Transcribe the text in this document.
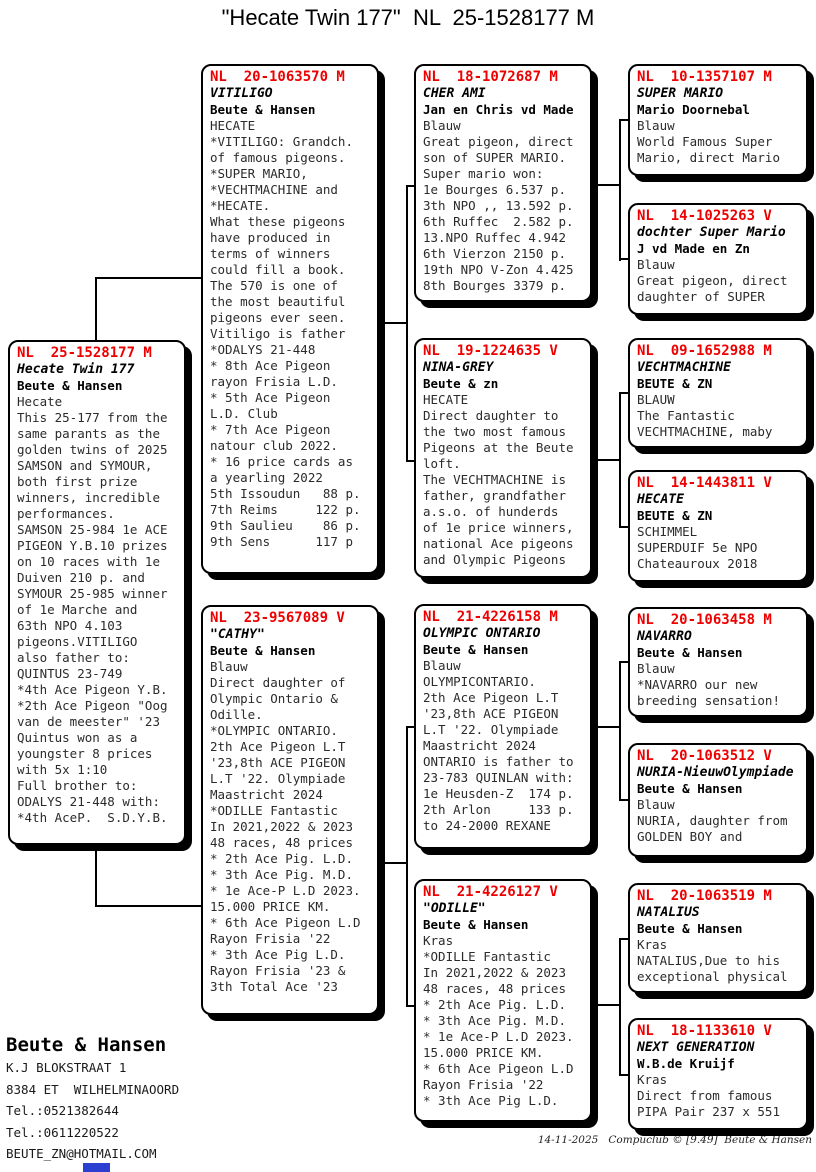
"Hecate Twin 177"  NL  25-1528177 M
Beute & Hansen
K.J BLOKSTRAAT 1
8384 ET  WILHELMINAOORD
Tel.:0521382644
Tel.:0611220522
BEUTE_ZN@HOTMAIL.COM
14-11-2025   Compuclub © [9.49]  Beute & Hansen
NL  25-1528177 M
Hecate Twin 177
Beute & Hansen
Hecate
This 25-177 from the
same parants as the
golden twins of 2025
SAMSON and SYMOUR,
both first prize
winners, incredible
performances.
SAMSON 25-984 1e ACE
PIGEON Y.B.10 prizes
on 10 races with 1e
Duiven 210 p. and
SYMOUR 25-985 winner
of 1e Marche and
63th NPO 4.103
pigeons.VITILIGO
also father to:
QUINTUS 23-749
*4th Ace Pigeon Y.B.
*2th Ace Pigeon "Oog
van de meester" '23
Quintus won as a
youngster 8 prices
with 5x 1:10
Full brother to:
ODALYS 21-448 with:
*4th AceP.  S.D.Y.B.
NL  20-1063570 M
VITILIGO
Beute & Hansen
HECATE
*VITILIGO: Grandch.
of famous pigeons.
*SUPER MARIO,
*VECHTMACHINE and
*HECATE.
What these pigeons
have produced in
terms of winners
could fill a book.
The 570 is one of
the most beautiful
pigeons ever seen.
Vitiligo is father
*ODALYS 21-448
* 8th Ace Pigeon
rayon Frisia L.D.
* 5th Ace Pigeon
L.D. Club
* 7th Ace Pigeon
natour club 2022.
* 16 price cards as
a yearling 2022
5th Issoudun   88 p.
7th Reims     122 p.
9th Saulieu    86 p.
9th Sens      117 p
NL  23-9567089 V
"CATHY"
Beute & Hansen
Blauw
Direct daughter of
Olympic Ontario &
Odille.
*OLYMPIC ONTARIO.
2th Ace Pigeon L.T
'23,8th ACE PIGEON
L.T '22. Olympiade
Maastricht 2024
*ODILLE Fantastic
In 2021,2022 & 2023
48 races, 48 prices
* 2th Ace Pig. L.D.
* 3th Ace Pig. M.D.
* 1e Ace-P L.D 2023.
15.000 PRICE KM.
* 6th Ace Pigeon L.D
Rayon Frisia '22
* 3th Ace Pig L.D.
Rayon Frisia '23 &
3th Total Ace '23
NL  18-1072687 M
CHER AMI
Jan en Chris vd Made
Blauw
Great pigeon, direct
son of SUPER MARIO.
Super mario won:
1e Bourges 6.537 p.
3th NPO ,, 13.592 p.
6th Ruffec  2.582 p.
13.NPO Ruffec 4.942
6th Vierzon 2150 p.
19th NPO V-Zon 4.425
8th Bourges 3379 p.
NL  19-1224635 V
NINA-GREY
Beute & zn
HECATE
Direct daughter to
the two most famous
Pigeons at the Beute
loft.
The VECHTMACHINE is
father, grandfather
a.s.o. of hunderds
of 1e price winners,
national Ace pigeons
and Olympic Pigeons
NL  21-4226158 M
OLYMPIC ONTARIO
Beute & Hansen
Blauw
OLYMPICONTARIO.
2th Ace Pigeon L.T
'23,8th ACE PIGEON
L.T '22. Olympiade
Maastricht 2024
ONTARIO is father to
23-783 QUINLAN with:
1e Heusden-Z  174 p.
2th Arlon     133 p.
to 24-2000 REXANE
NL  21-4226127 V
"ODILLE"
Beute & Hansen
Kras
*ODILLE Fantastic
In 2021,2022 & 2023
48 races, 48 prices
* 2th Ace Pig. L.D.
* 3th Ace Pig. M.D.
* 1e Ace-P L.D 2023.
15.000 PRICE KM.
* 6th Ace Pigeon L.D
Rayon Frisia '22
* 3th Ace Pig L.D.
NL  10-1357107 M
SUPER MARIO
Mario Doornebal
Blauw
World Famous Super
Mario, direct Mario
NL  14-1025263 V
dochter Super Mario
J vd Made en Zn
Blauw
Great pigeon, direct
daughter of SUPER
NL  09-1652988 M
VECHTMACHINE
BEUTE & ZN
BLAUW
The Fantastic
VECHTMACHINE, maby
NL  14-1443811 V
HECATE
BEUTE & ZN
SCHIMMEL
SUPERDUIF 5e NPO
Chateauroux 2018
NL  20-1063458 M
NAVARRO
Beute & Hansen
Blauw
*NAVARRO our new
breeding sensation!
NL  20-1063512 V
NURIA-NieuwOlympiade
Beute & Hansen
Blauw
NURIA, daughter from
GOLDEN BOY and
NL  20-1063519 M
NATALIUS
Beute & Hansen
Kras
NATALIUS,Due to his
exceptional physical
NL  18-1133610 V
NEXT GENERATION
W.B.de Kruijf
Kras
Direct from famous
PIPA Pair 237 x 551
